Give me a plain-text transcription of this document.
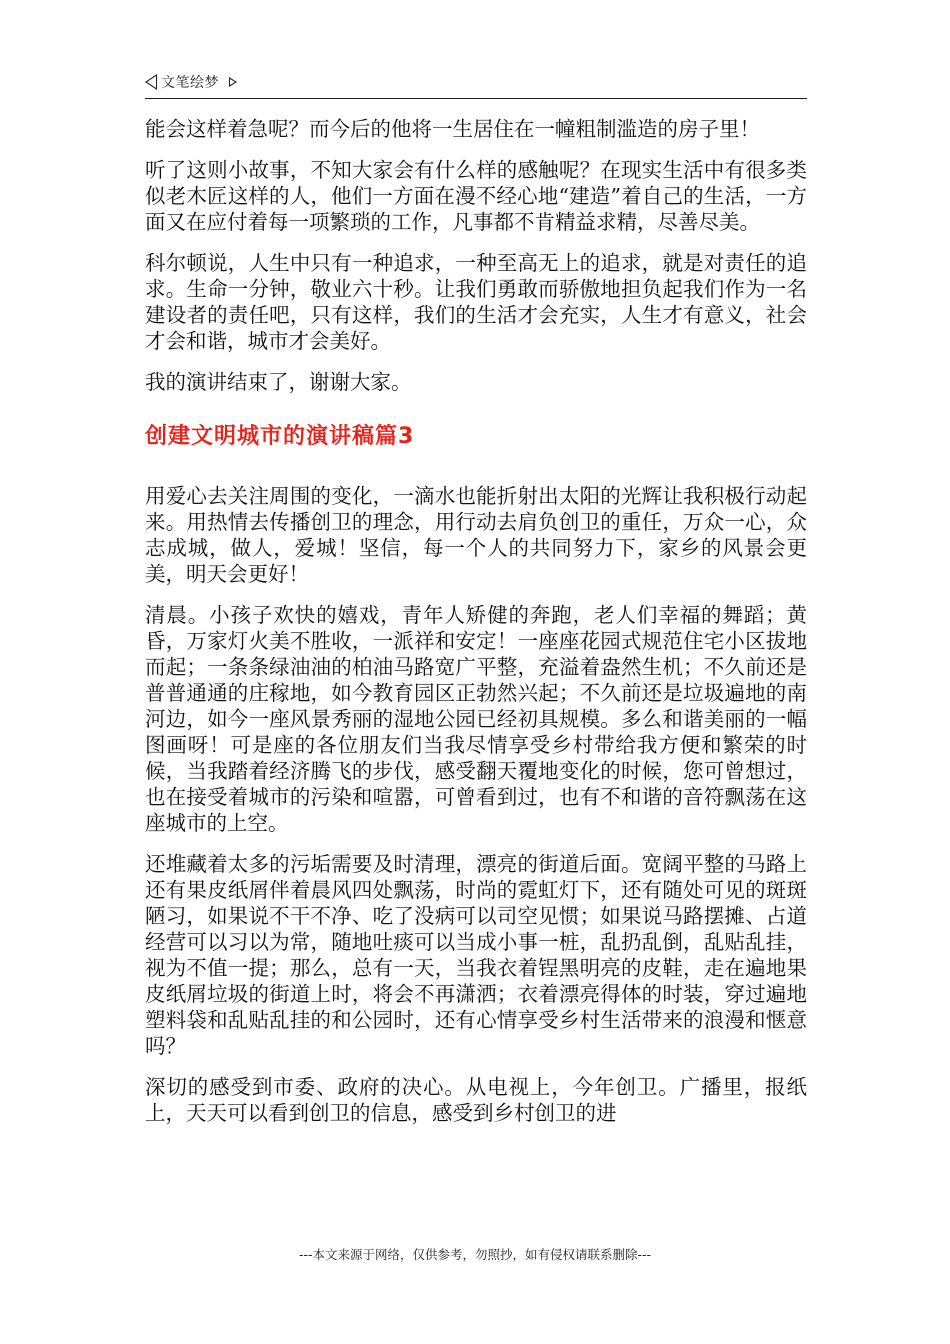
文笔绘梦

能会这样着急呢？而今后的他将一生居住在一幢粗制滥造的房子里！

听了这则小故事，不知大家会有什么样的感触呢？在现实生活中有很多类似老木匠这样的人，他们一方面在漫不经心地“建造”着自己的生活，一方面又在应付着每一项繁琐的工作，凡事都不肯精益求精，尽善尽美。

科尔顿说，人生中只有一种追求，一种至高无上的追求，就是对责任的追求。生命一分钟，敬业六十秒。让我们勇敢而骄傲地担负起我们作为一名建设者的责任吧，只有这样，我们的生活才会充实，人生才有意义，社会才会和谐，城市才会美好。

我的演讲结束了，谢谢大家。

创建文明城市的演讲稿篇3

用爱心去关注周围的变化，一滴水也能折射出太阳的光辉让我积极行动起来。用热情去传播创卫的理念，用行动去肩负创卫的重任，万众一心，众志成城，做人，爱城！坚信，每一个人的共同努力下，家乡的风景会更美，明天会更好！

清晨。小孩子欢快的嬉戏，青年人矫健的奔跑，老人们幸福的舞蹈；黄昏，万家灯火美不胜收，一派祥和安定！一座座花园式规范住宅小区拔地而起；一条条绿油油的柏油马路宽广平整，充溢着盎然生机；不久前还是普普通通的庄稼地，如今教育园区正勃然兴起；不久前还是垃圾遍地的南河边，如今一座风景秀丽的湿地公园已经初具规模。多么和谐美丽的一幅图画呀！可是座的各位朋友们当我尽情享受乡村带给我方便和繁荣的时候，当我踏着经济腾飞的步伐，感受翻天覆地变化的时候，您可曾想过，也在接受着城市的污染和喧嚣，可曾看到过，也有不和谐的音符飘荡在这座城市的上空。

还堆藏着太多的污垢需要及时清理，漂亮的街道后面。宽阔平整的马路上还有果皮纸屑伴着晨风四处飘荡，时尚的霓虹灯下，还有随处可见的斑斑陋习，如果说不干不净、吃了没病可以司空见惯；如果说马路摆摊、占道经营可以习以为常，随地吐痰可以当成小事一桩，乱扔乱倒，乱贴乱挂，视为不值一提；那么，总有一天，当我衣着锃黑明亮的皮鞋，走在遍地果皮纸屑垃圾的街道上时，将会不再潇洒；衣着漂亮得体的时装，穿过遍地塑料袋和乱贴乱挂的和公园时，还有心情享受乡村生活带来的浪漫和惬意吗？

深切的感受到市委、政府的决心。从电视上，今年创卫。广播里，报纸上，天天可以看到创卫的信息，感受到乡村创卫的进

---本文来源于网络，仅供参考，勿照抄，如有侵权请联系删除---
